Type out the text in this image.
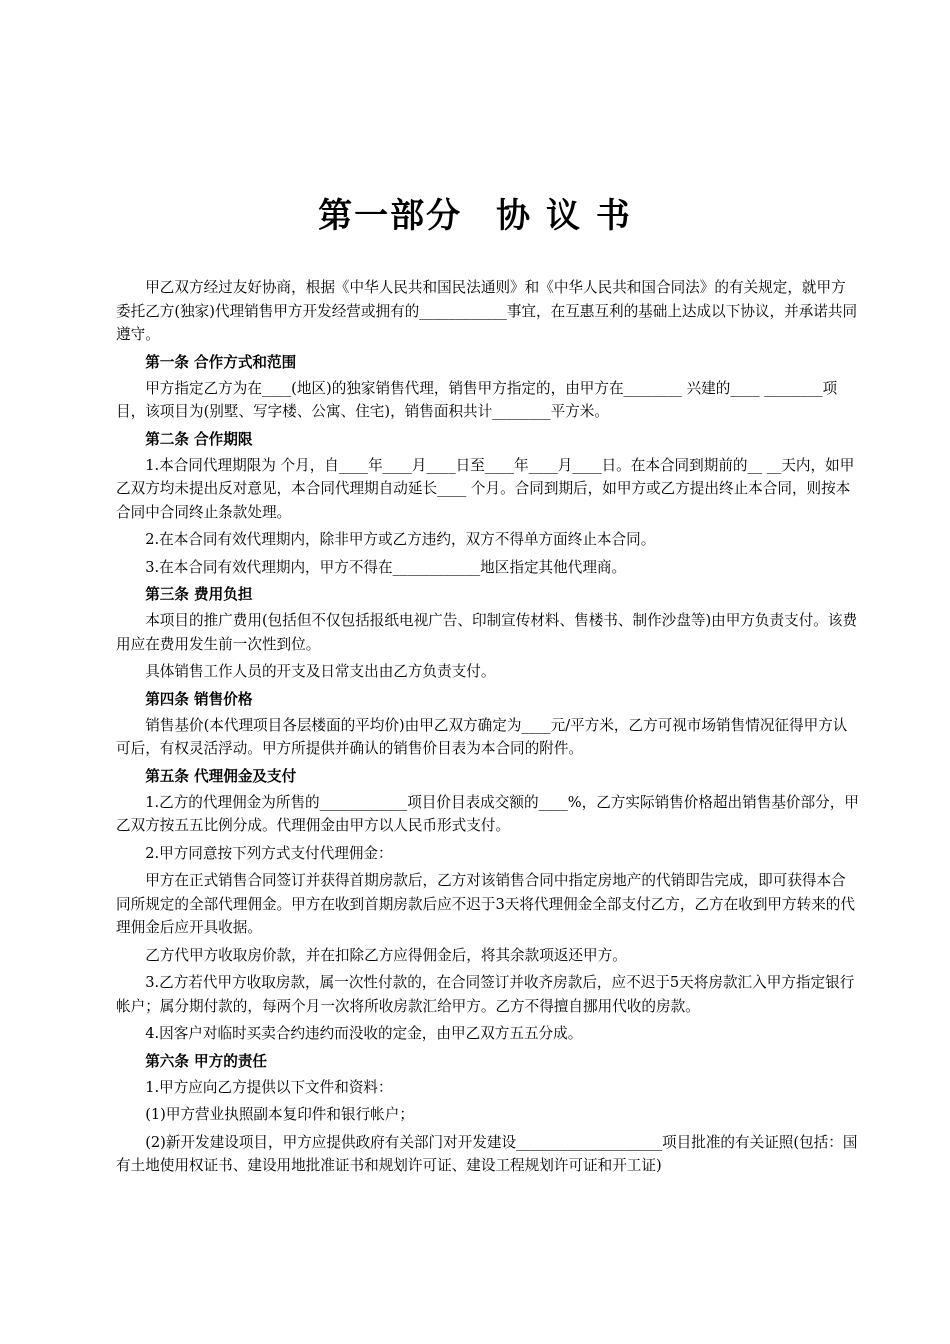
第一部分 协 议 书

甲乙双方经过友好协商，根据《中华人民共和国民法通则》和《中华人民共和国合同法》的有关规定，就甲方委托乙方(独家)代理销售甲方开发经营或拥有的____________事宜，在互惠互利的基础上达成以下协议，并承诺共同遵守。

第一条 合作方式和范围

甲方指定乙方为在____(地区)的独家销售代理，销售甲方指定的，由甲方在________ 兴建的____ ________项目，该项目为(别墅、写字楼、公寓、住宅)，销售面积共计________平方米。

第二条 合作期限

1.本合同代理期限为 个月，自____年____月____日至____年____月____日。在本合同到期前的__ __天内，如甲乙双方均未提出反对意见，本合同代理期自动延长____ 个月。合同到期后，如甲方或乙方提出终止本合同，则按本合同中合同终止条款处理。

2.在本合同有效代理期内，除非甲方或乙方违约，双方不得单方面终止本合同。

3.在本合同有效代理期内，甲方不得在____________地区指定其他代理商。

第三条 费用负担

本项目的推广费用(包括但不仅包括报纸电视广告、印制宣传材料、售楼书、制作沙盘等)由甲方负责支付。该费用应在费用发生前一次性到位。

具体销售工作人员的开支及日常支出由乙方负责支付。

第四条 销售价格

销售基价(本代理项目各层楼面的平均价)由甲乙双方确定为____元/平方米，乙方可视市场销售情况征得甲方认可后，有权灵活浮动。甲方所提供并确认的销售价目表为本合同的附件。

第五条 代理佣金及支付

1.乙方的代理佣金为所售的____________项目价目表成交额的____%，乙方实际销售价格超出销售基价部分，甲乙双方按五五比例分成。代理佣金由甲方以人民币形式支付。

2.甲方同意按下列方式支付代理佣金：

甲方在正式销售合同签订并获得首期房款后，乙方对该销售合同中指定房地产的代销即告完成，即可获得本合同所规定的全部代理佣金。甲方在收到首期房款后应不迟于3天将代理佣金全部支付乙方，乙方在收到甲方转来的代理佣金后应开具收据。

乙方代甲方收取房价款，并在扣除乙方应得佣金后，将其余款项返还甲方。

3.乙方若代甲方收取房款，属一次性付款的，在合同签订并收齐房款后，应不迟于5天将房款汇入甲方指定银行帐户；属分期付款的，每两个月一次将所收房款汇给甲方。乙方不得擅自挪用代收的房款。

4.因客户对临时买卖合约违约而没收的定金，由甲乙双方五五分成。

第六条 甲方的责任

1.甲方应向乙方提供以下文件和资料：

(1)甲方营业执照副本复印件和银行帐户；

(2)新开发建设项目，甲方应提供政府有关部门对开发建设____________________项目批准的有关证照(包括：国有土地使用权证书、建设用地批准证书和规划许可证、建设工程规划许可证和开工证)
